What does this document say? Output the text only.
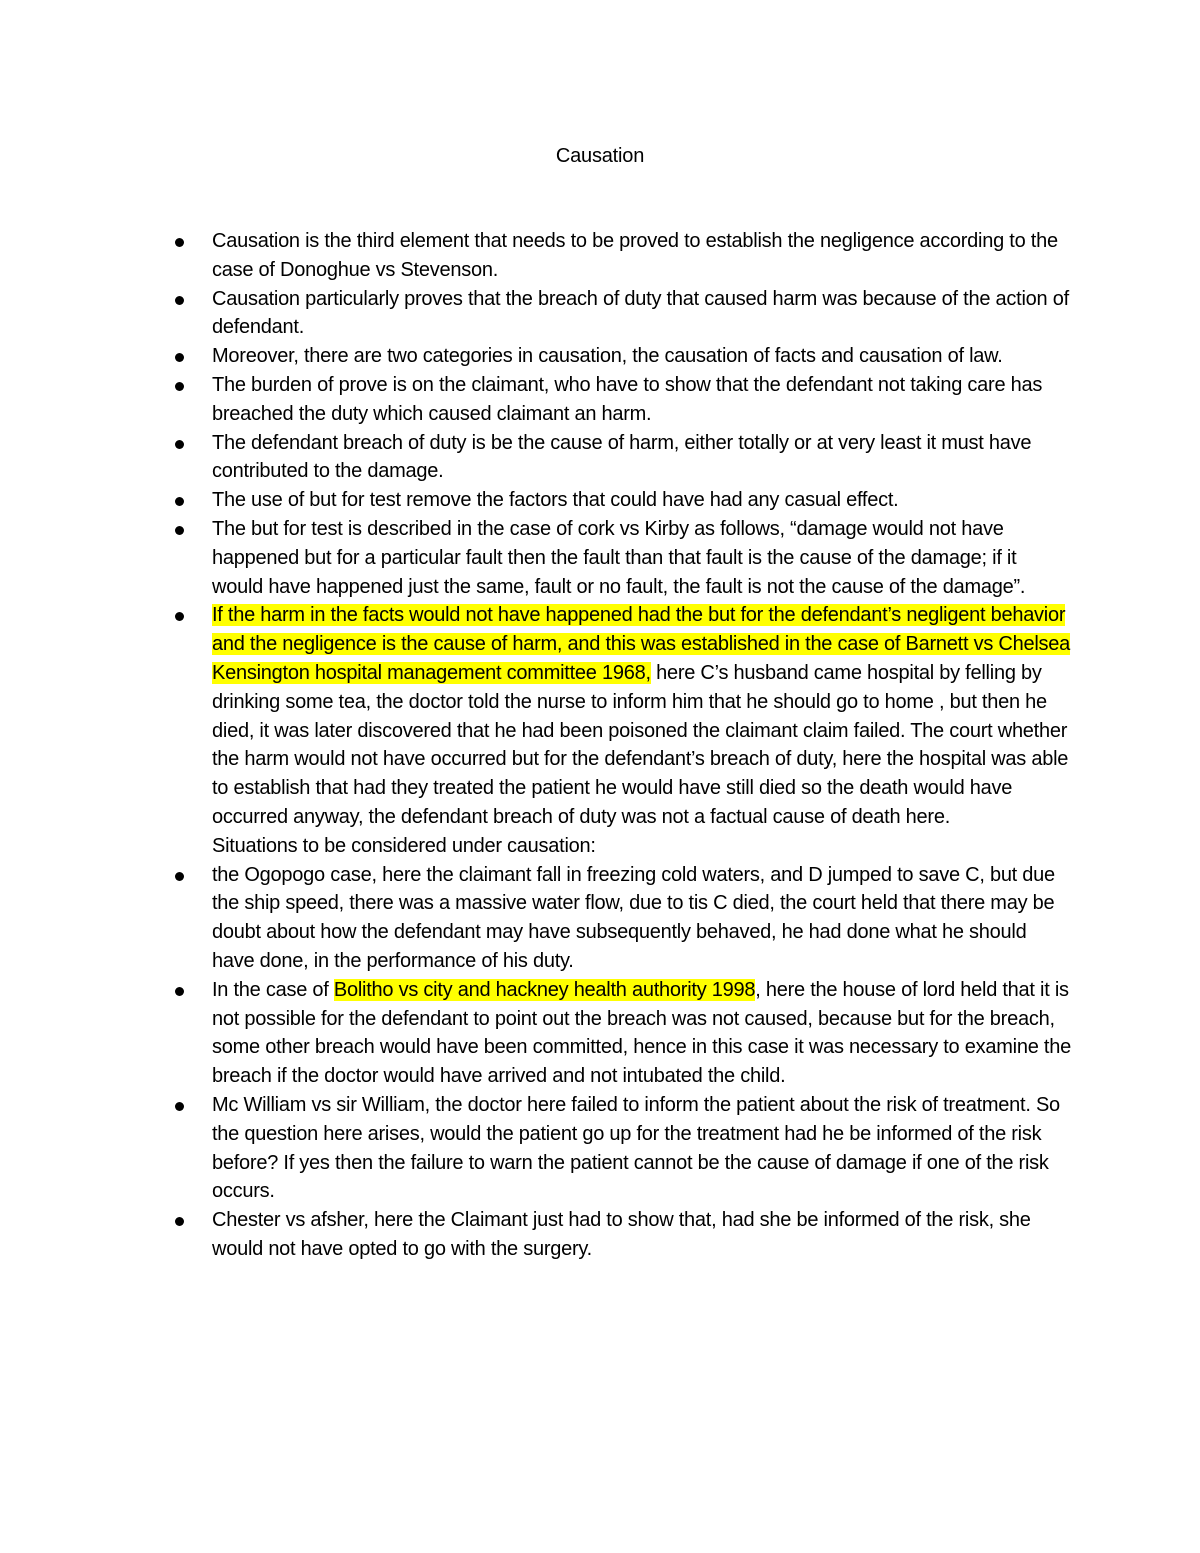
Causation
Causation is the third element that needs to be proved to establish the negligence according to the case of Donoghue vs Stevenson.
Causation particularly proves that the breach of duty that caused harm was because of the action of defendant.
Moreover, there are two categories in causation, the causation of facts and causation of law.
The burden of prove is on the claimant, who have to show that the defendant not taking care has breached the duty which caused claimant an harm.
The defendant breach of duty is be the cause of harm, either totally or at very least it must have contributed to the damage.
The use of but for test remove the factors that could have had any casual effect.
The but for test is described in the case of cork vs Kirby as follows, “damage would not have happened but for a particular fault then the fault than that fault is the cause of the damage; if it would have happened just the same, fault or no fault, the fault is not the cause of the damage”.
If the harm in the facts would not have happened had the but for the defendant’s negligent behavior and the negligence is the cause of harm, and this was established in the case of Barnett vs Chelsea Kensington hospital management committee 1968, here C’s husband came hospital by felling by drinking some tea, the doctor told the nurse to inform him that he should go to home , but then he died, it was later discovered that he had been poisoned the claimant claim failed. The court whether the harm would not have occurred but for the defendant’s breach of duty, here the hospital was able to establish that had they treated the patient he would have still died so the death would have occurred anyway, the defendant breach of duty was not a factual cause of death here.
Situations to be considered under causation:
the Ogopogo case, here the claimant fall in freezing cold waters, and D jumped to save C, but due the ship speed, there was a massive water flow, due to tis C died, the court held that there may be doubt about how the defendant may have subsequently behaved, he had done what he should have done, in the performance of his duty.
In the case of Bolitho vs city and hackney health authority 1998, here the house of lord held that it is not possible for the defendant to point out the breach was not caused, because but for the breach, some other breach would have been committed, hence in this case it was necessary to examine the breach if the doctor would have arrived and not intubated the child.
Mc William vs sir William, the doctor here failed to inform the patient about the risk of treatment. So the question here arises, would the patient go up for the treatment had he be informed of the risk before? If yes then the failure to warn the patient cannot be the cause of damage if one of the risk occurs.
Chester vs afsher, here the Claimant just had to show that, had she be informed of the risk, she would not have opted to go with the surgery.
